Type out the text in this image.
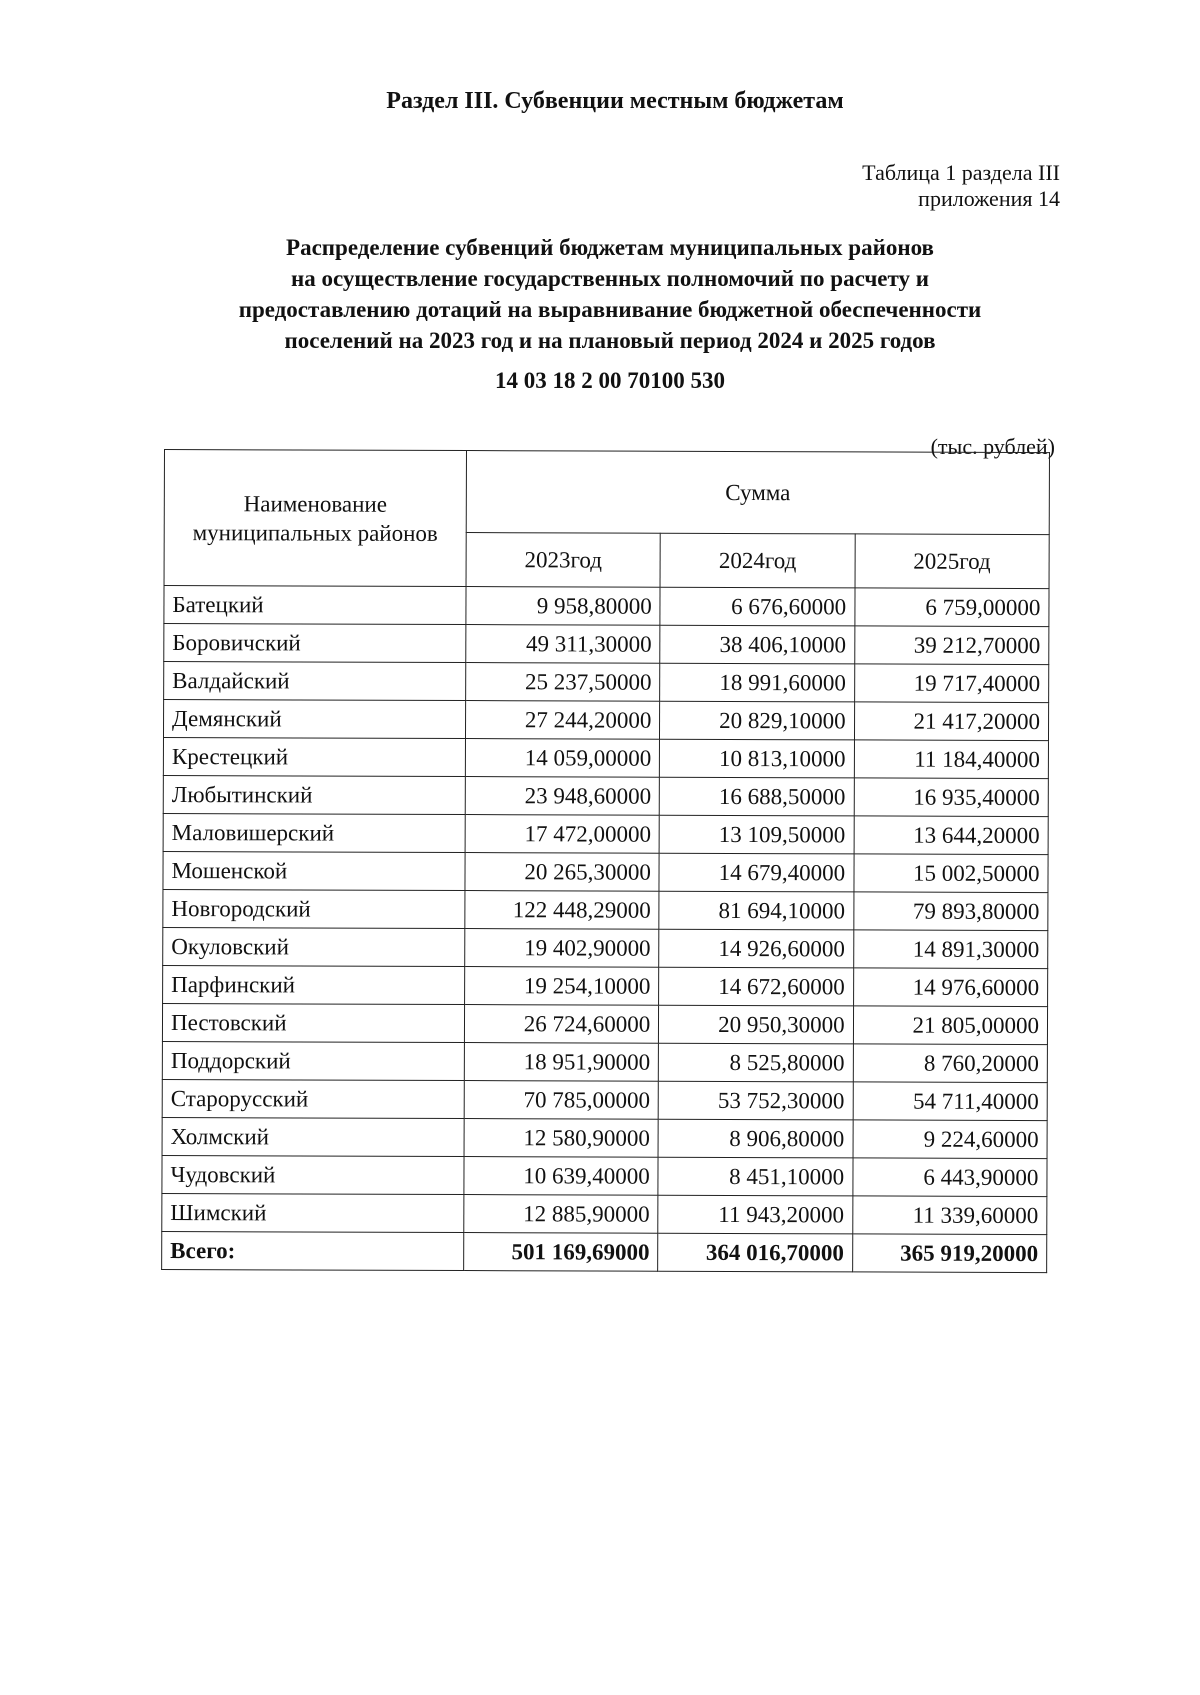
Раздел III. Субвенции местным бюджетам
Таблица 1 раздела III
приложения 14
Распределение субвенций бюджетам муниципальных районов
на осуществление государственных полномочий по расчету и
предоставлению дотаций на выравнивание бюджетной обеспеченности
поселений на 2023 год и на плановый период 2024 и 2025 годов
14 03 18 2 00 70100 530
(тыс. рублей)
Наименование
муниципальных районов	Сумма		
	2023год	2024год	2025год
Батецкий	9 958,80000	6 676,60000	6 759,00000
Боровичский	49 311,30000	38 406,10000	39 212,70000
Валдайский	25 237,50000	18 991,60000	19 717,40000
Демянский	27 244,20000	20 829,10000	21 417,20000
Крестецкий	14 059,00000	10 813,10000	11 184,40000
Любытинский	23 948,60000	16 688,50000	16 935,40000
Маловишерский	17 472,00000	13 109,50000	13 644,20000
Мошенской	20 265,30000	14 679,40000	15 002,50000
Новгородский	122 448,29000	81 694,10000	79 893,80000
Окуловский	19 402,90000	14 926,60000	14 891,30000
Парфинский	19 254,10000	14 672,60000	14 976,60000
Пестовский	26 724,60000	20 950,30000	21 805,00000
Поддорский	18 951,90000	8 525,80000	8 760,20000
Старорусский	70 785,00000	53 752,30000	54 711,40000
Холмский	12 580,90000	8 906,80000	9 224,60000
Чудовский	10 639,40000	8 451,10000	6 443,90000
Шимский	12 885,90000	11 943,20000	11 339,60000
Всего:	501 169,69000	364 016,70000	365 919,20000
